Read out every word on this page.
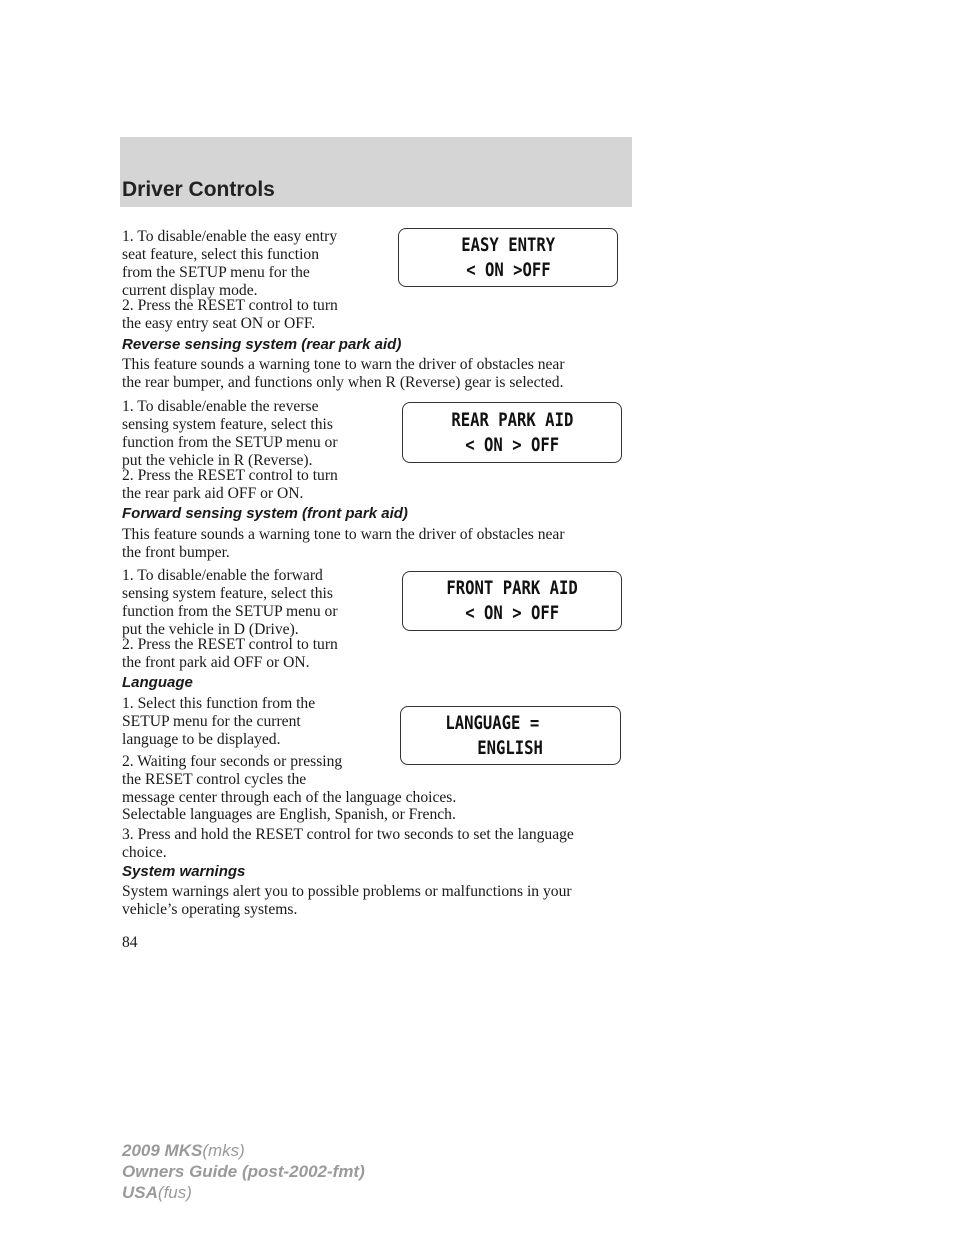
Driver Controls

1. To disable/enable the easy entry
seat feature, select this function
from the SETUP menu for the
current display mode.

2. Press the RESET control to turn
the easy entry seat ON or OFF.

EASY ENTRY
< ON >OFF

Reverse sensing system (rear park aid)

This feature sounds a warning tone to warn the driver of obstacles near
the rear bumper, and functions only when R (Reverse) gear is selected.

1. To disable/enable the reverse
sensing system feature, select this
function from the SETUP menu or
put the vehicle in R (Reverse).

2. Press the RESET control to turn
the rear park aid OFF or ON.

REAR PARK AID
< ON > OFF

Forward sensing system (front park aid)

This feature sounds a warning tone to warn the driver of obstacles near
the front bumper.

1. To disable/enable the forward
sensing system feature, select this
function from the SETUP menu or
put the vehicle in D (Drive).

2. Press the RESET control to turn
the front park aid OFF or ON.

FRONT PARK AID
< ON > OFF

Language

1. Select this function from the
SETUP menu for the current
language to be displayed.

2. Waiting four seconds or pressing
the RESET control cycles the
message center through each of the language choices.

Selectable languages are English, Spanish, or French.

3. Press and hold the RESET control for two seconds to set the language
choice.

LANGUAGE =
ENGLISH

System warnings

System warnings alert you to possible problems or malfunctions in your
vehicle’s operating systems.

84
2009 MKS(mks)
Owners Guide (post-2002-fmt)
USA(fus)
